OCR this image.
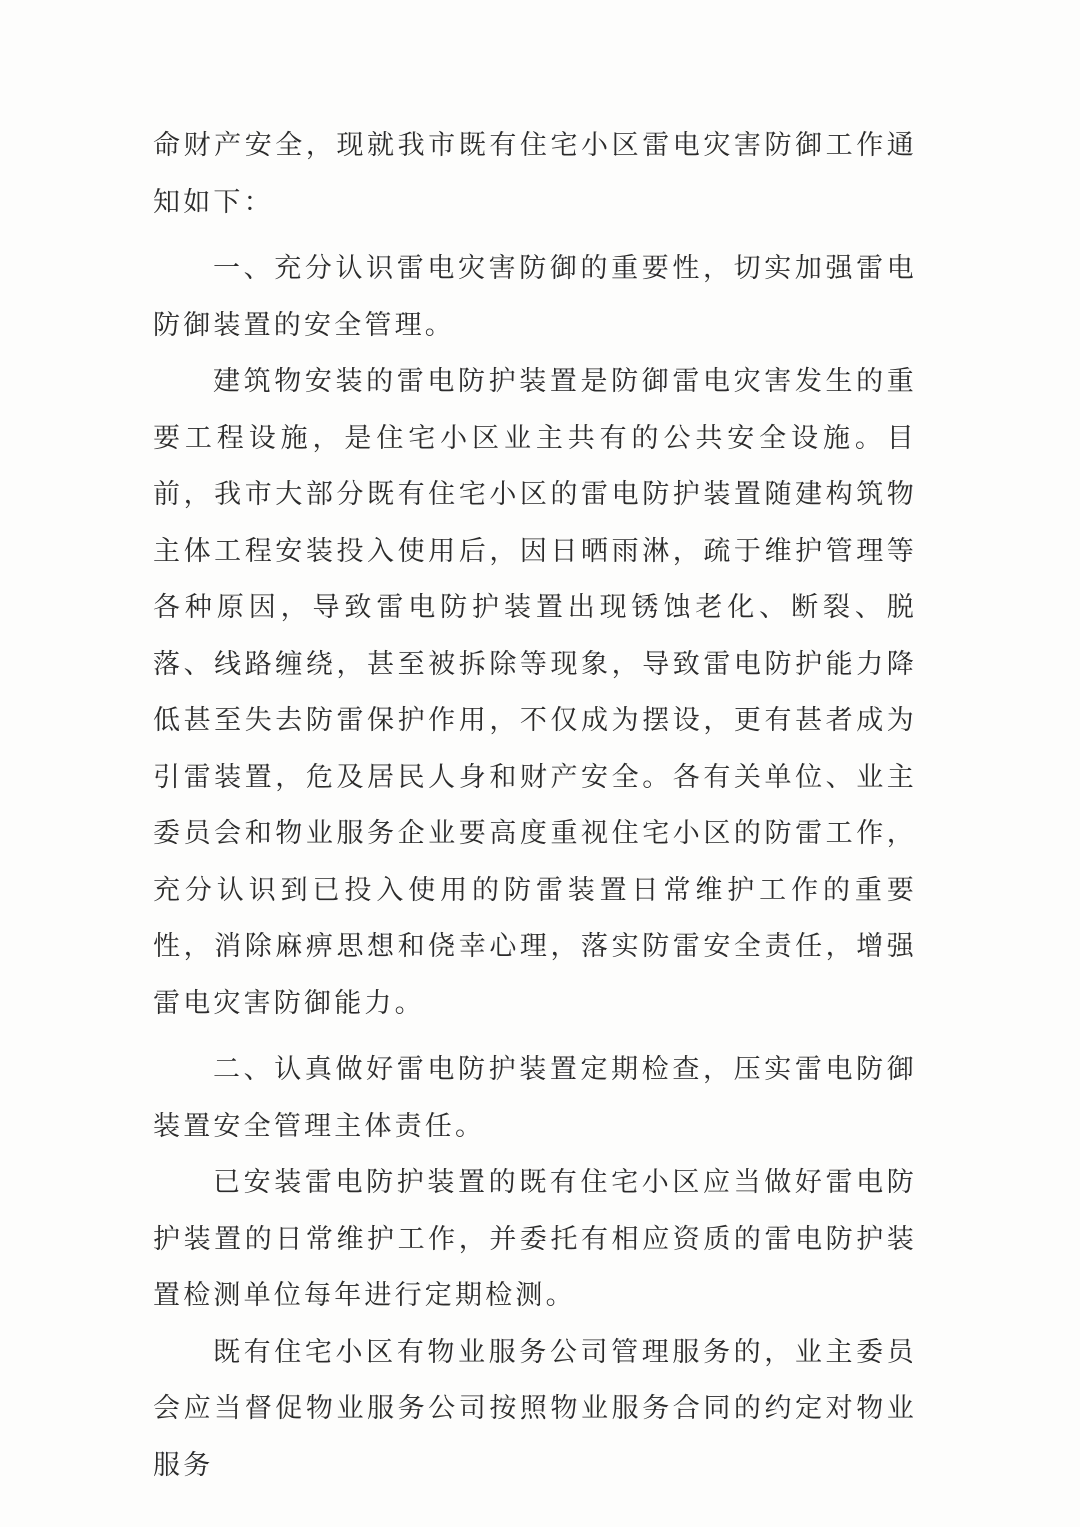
命财产安全，现就我市既有住宅小区雷电灾害防御工作通知如下：

一、充分认识雷电灾害防御的重要性，切实加强雷电防御装置的安全管理。

建筑物安装的雷电防护装置是防御雷电灾害发生的重要工程设施，是住宅小区业主共有的公共安全设施。目前，我市大部分既有住宅小区的雷电防护装置随建构筑物主体工程安装投入使用后，因日晒雨淋，疏于维护管理等各种原因，导致雷电防护装置出现锈蚀老化、断裂、脱落、线路缠绕，甚至被拆除等现象，导致雷电防护能力降低甚至失去防雷保护作用，不仅成为摆设，更有甚者成为引雷装置，危及居民人身和财产安全。各有关单位、业主委员会和物业服务企业要高度重视住宅小区的防雷工作，充分认识到已投入使用的防雷装置日常维护工作的重要性，消除麻痹思想和侥幸心理，落实防雷安全责任，增强雷电灾害防御能力。

二、认真做好雷电防护装置定期检查，压实雷电防御装置安全管理主体责任。

已安装雷电防护装置的既有住宅小区应当做好雷电防护装置的日常维护工作，并委托有相应资质的雷电防护装置检测单位每年进行定期检测。

既有住宅小区有物业服务公司管理服务的，业主委员会应当督促物业服务公司按照物业服务合同的约定对物业服务
